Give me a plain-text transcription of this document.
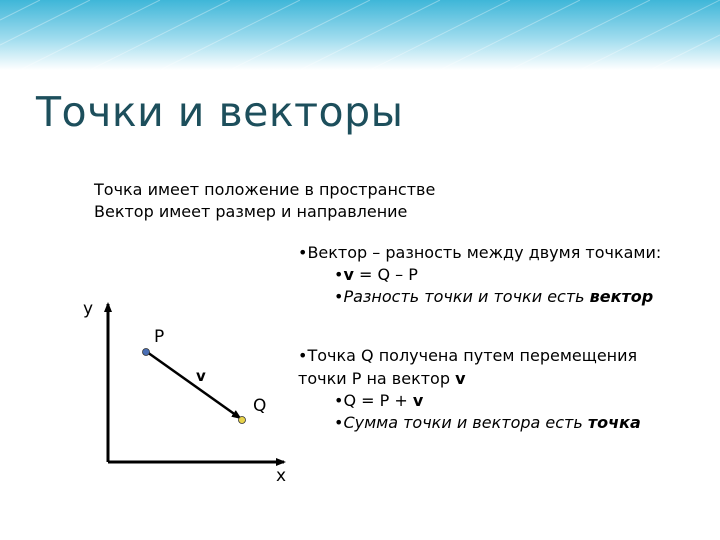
Точки и векторы
Точка имеет положение в пространстве
Вектор имеет размер и направление
•Вектор – разность между двумя точками:
•v = Q – P
•Разность точки и точки есть вектор
•Точка Q получена путем перемещения
точки P на вектор v
•Q = P + v
•Сумма точки и вектора есть точка
y
P
v
Q
x
